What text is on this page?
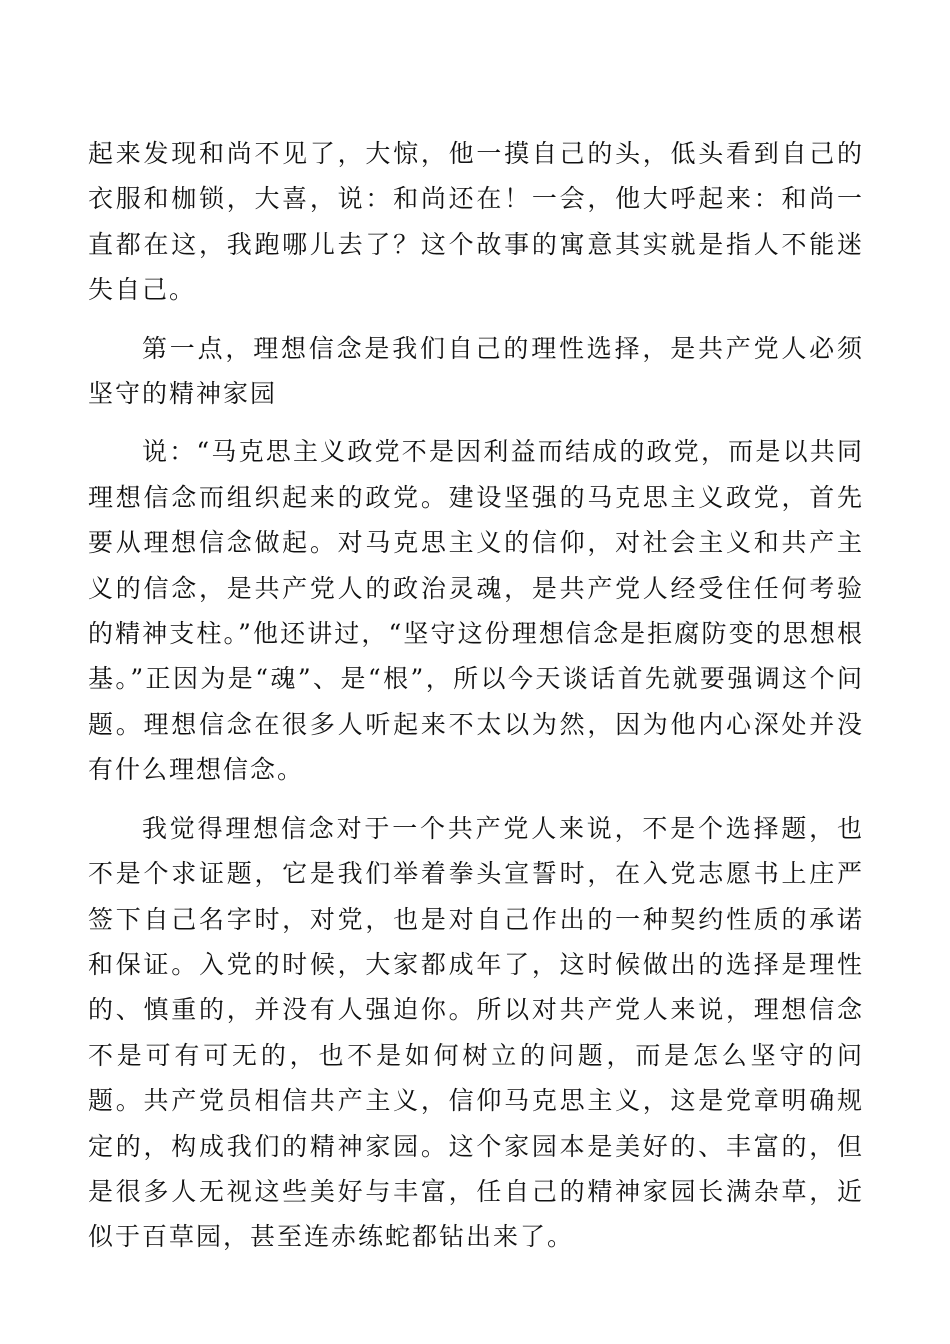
起来发现和尚不见了，大惊，他一摸自己的头，低头看到自己的衣服和枷锁，大喜，说：和尚还在！一会，他大呼起来：和尚一直都在这，我跑哪儿去了？这个故事的寓意其实就是指人不能迷失自己。

第一点，理想信念是我们自己的理性选择，是共产党人必须坚守的精神家园

说：“马克思主义政党不是因利益而结成的政党，而是以共同理想信念而组织起来的政党。建设坚强的马克思主义政党，首先要从理想信念做起。对马克思主义的信仰，对社会主义和共产主义的信念，是共产党人的政治灵魂，是共产党人经受住任何考验的精神支柱。”他还讲过，“坚守这份理想信念是拒腐防变的思想根基。”正因为是“魂”、是“根”，所以今天谈话首先就要强调这个问题。理想信念在很多人听起来不太以为然，因为他内心深处并没有什么理想信念。

我觉得理想信念对于一个共产党人来说，不是个选择题，也不是个求证题，它是我们举着拳头宣誓时，在入党志愿书上庄严签下自己名字时，对党，也是对自己作出的一种契约性质的承诺和保证。入党的时候，大家都成年了，这时候做出的选择是理性的、慎重的，并没有人强迫你。所以对共产党人来说，理想信念不是可有可无的，也不是如何树立的问题，而是怎么坚守的问题。共产党员相信共产主义，信仰马克思主义，这是党章明确规定的，构成我们的精神家园。这个家园本是美好的、丰富的，但是很多人无视这些美好与丰富，任自己的精神家园长满杂草，近似于百草园，甚至连赤练蛇都钻出来了。
